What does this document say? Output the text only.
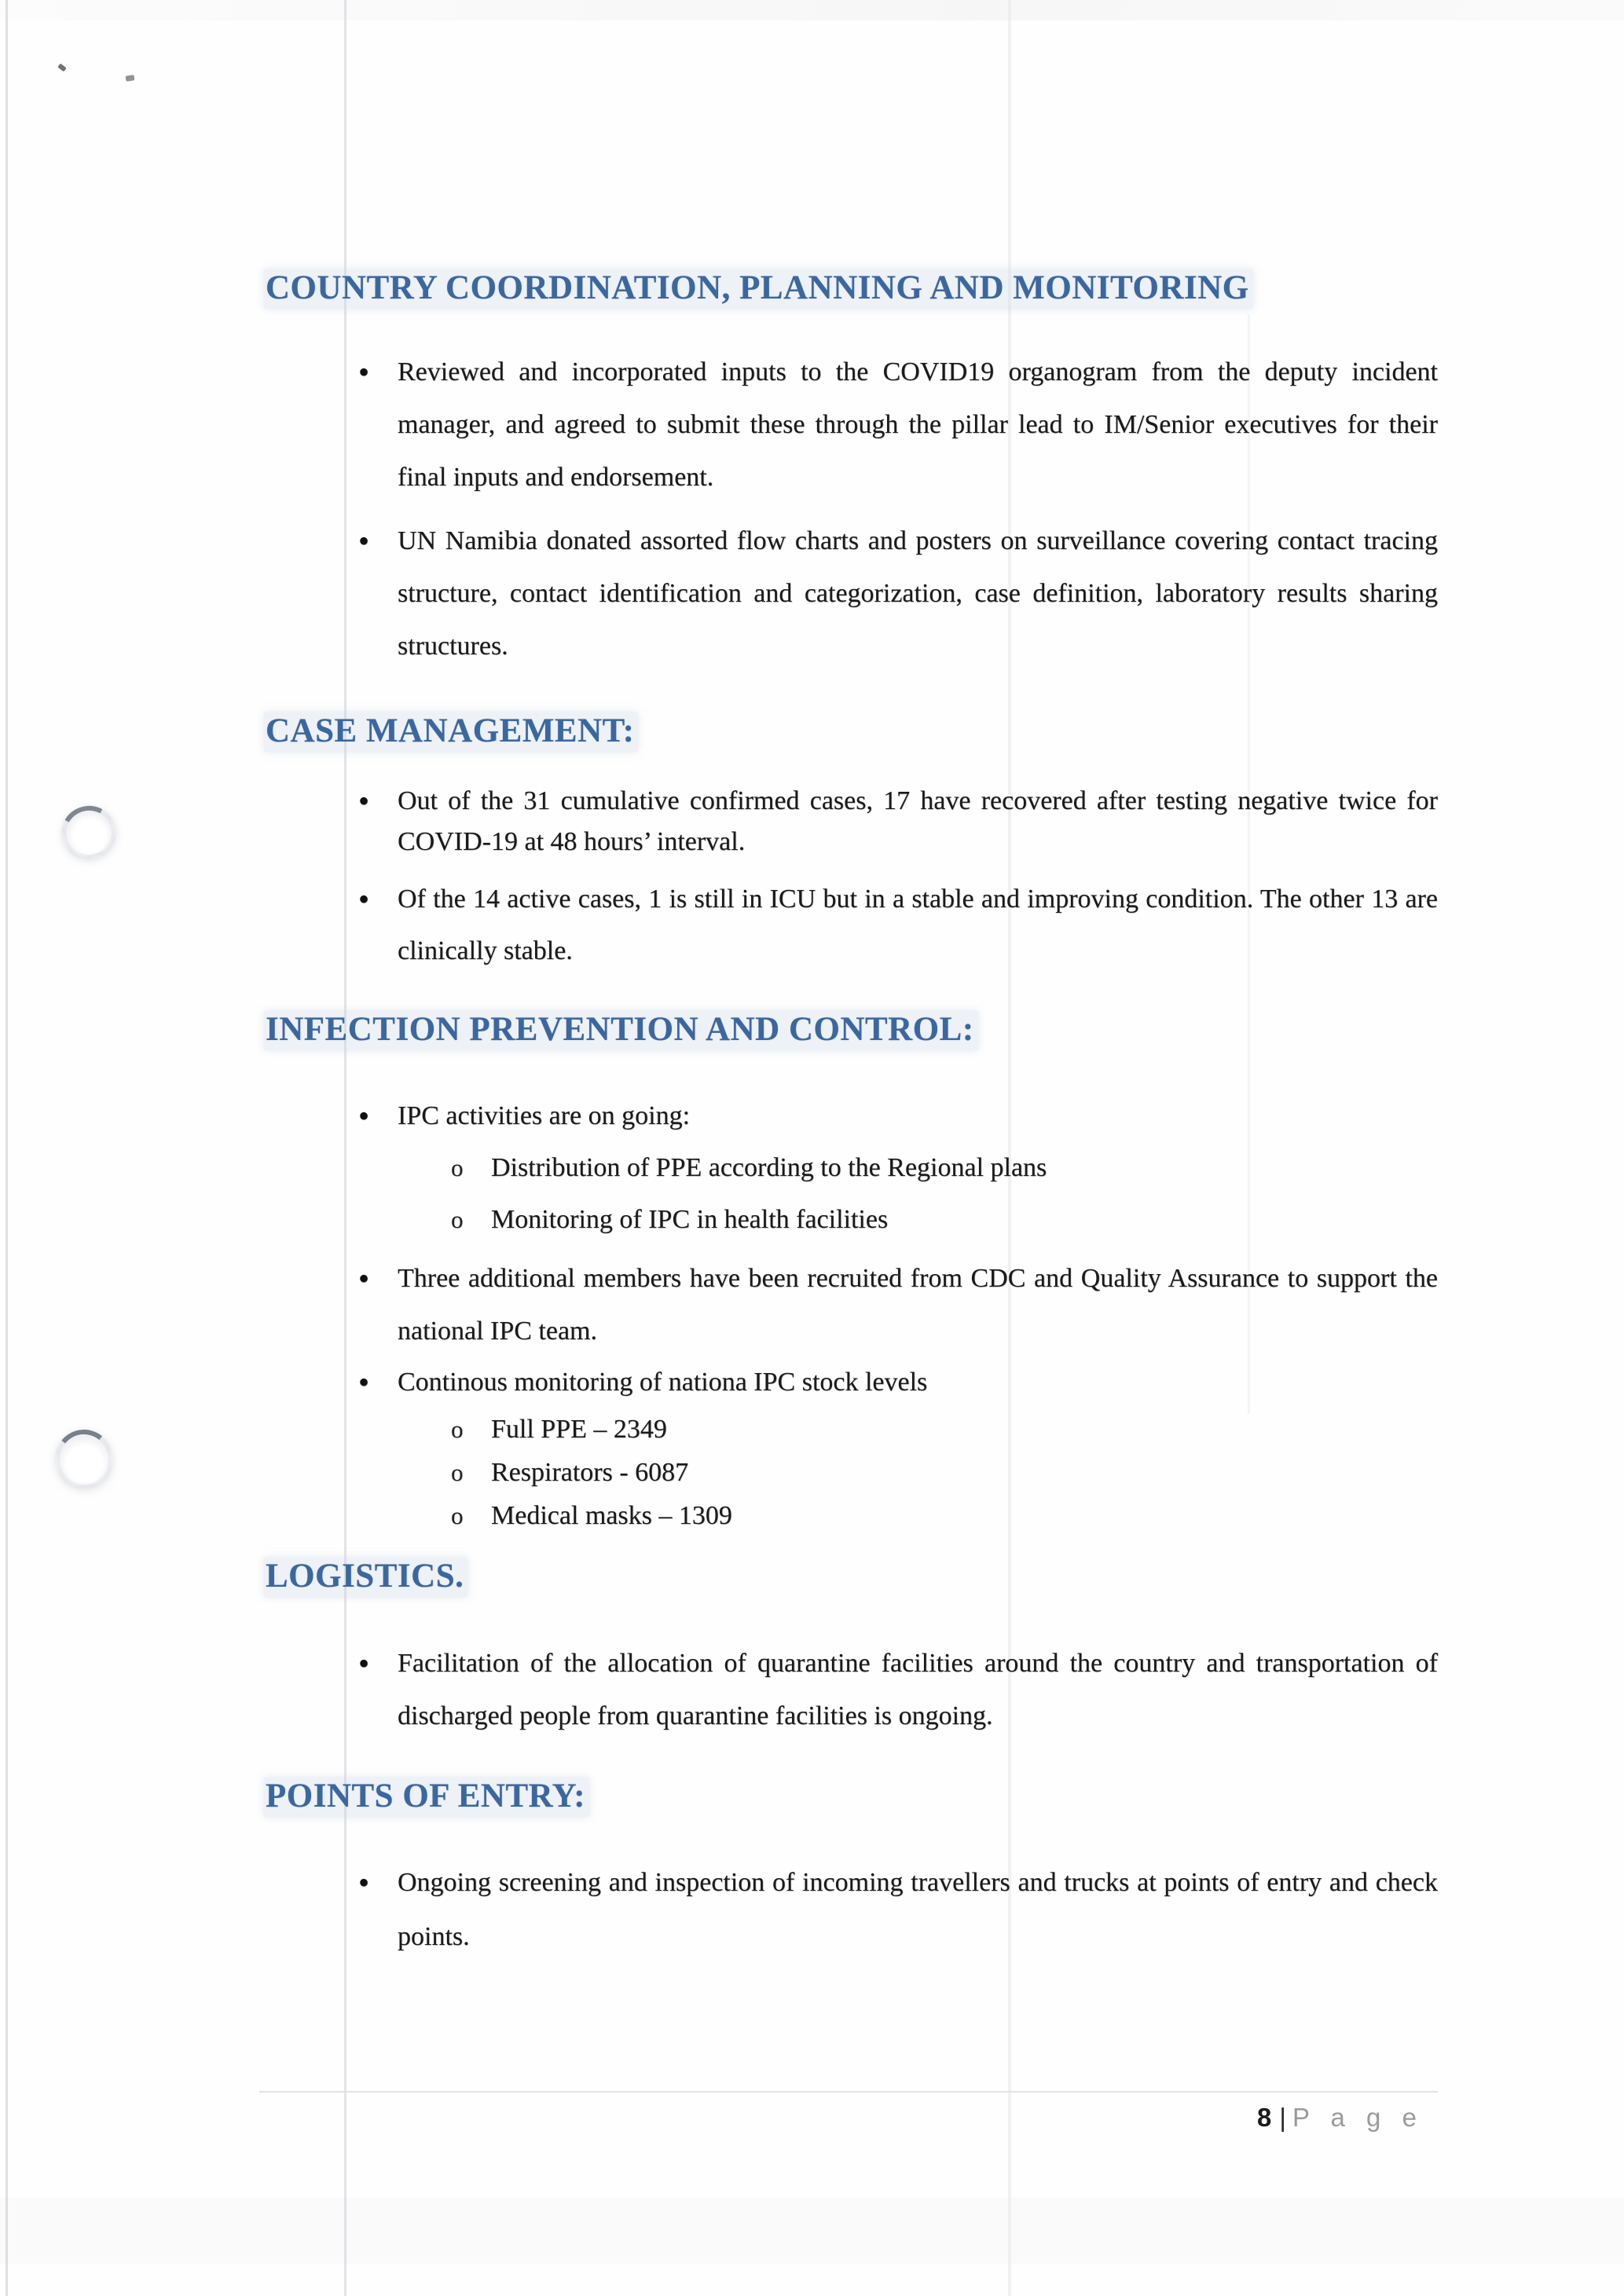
COUNTRY COORDINATION, PLANNING AND MONITORING
• Reviewed and incorporated inputs to the COVID19 organogram from the deputy incident manager, and agreed to submit these through the pillar lead to IM/Senior executives for their final inputs and endorsement.
• UN Namibia donated assorted flow charts and posters on surveillance covering contact tracing structure, contact identification and categorization, case definition, laboratory results sharing structures.
CASE MANAGEMENT:
• Out of the 31 cumulative confirmed cases, 17 have recovered after testing negative twice for COVID-19 at 48 hours’ interval.
• Of the 14 active cases, 1 is still in ICU but in a stable and improving condition. The other 13 are clinically stable.
INFECTION PREVENTION AND CONTROL:
• IPC activities are on going:
o Distribution of PPE according to the Regional plans
o Monitoring of IPC in health facilities
• Three additional members have been recruited from CDC and Quality Assurance to support the national IPC team.
• Continous monitoring of nationa IPC stock levels
o Full PPE – 2349
o Respirators - 6087
o Medical masks – 1309
LOGISTICS.
• Facilitation of the allocation of quarantine facilities around the country and transportation of discharged people from quarantine facilities is ongoing.
POINTS OF ENTRY:
• Ongoing screening and inspection of incoming travellers and trucks at points of entry and check points.
8 | P a g e
